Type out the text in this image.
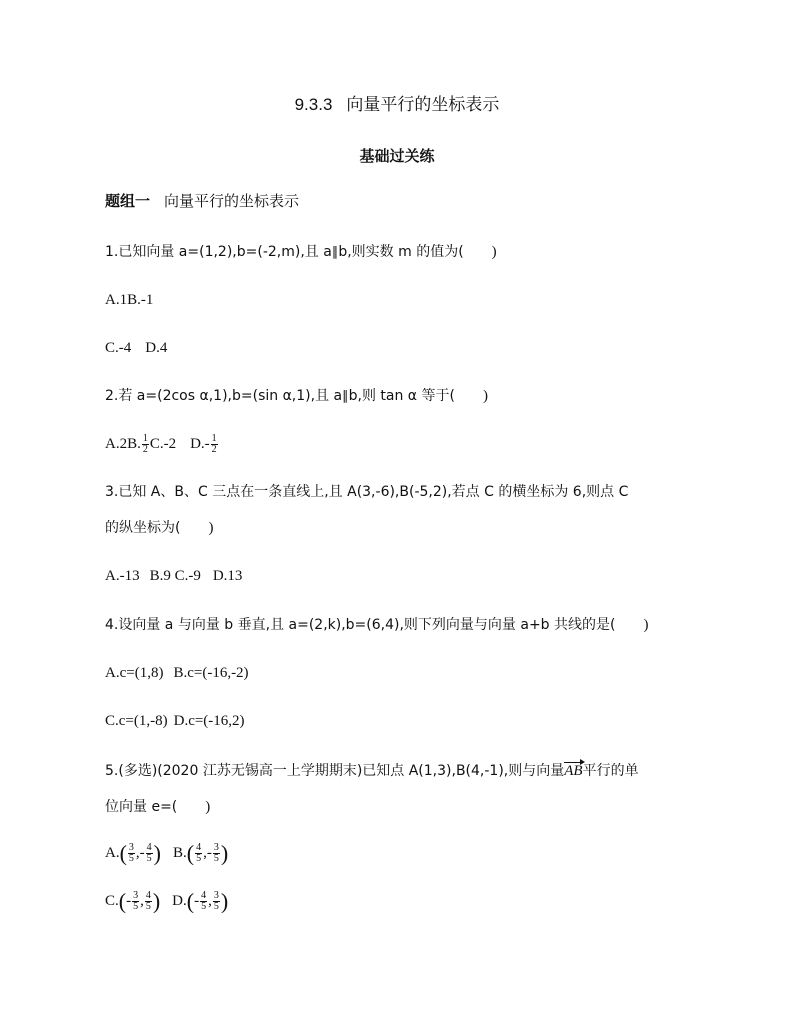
9.3.3 向量平行的坐标表示
基础过关练
题组一 向量平行的坐标表示
1.已知向量 a=(1,2),b=(-2,m),且 a∥b,则实数 m 的值为( )
A.1B.-1
C.-4 D.4
2.若 a=(2cos α,1),b=(sin α,1),且 a∥b,则 tan α 等于( )
A.2B. $\frac{1}{2} C.-2$ $D.- \frac{1}{2}$
3.已知 A、B、C 三点在一条直线上,且 A(3,-6),B(-5,2),若点 C 的横坐标为 6,则点 C
的纵坐标为( )
A.-13 B.9 C.-9 D.13
4.设向量 a 与向量 b 垂直,且 a=(2,k),b=(6,4),则下列向量与向量 a+b 共线的是( )
A.c=(1,8) B.c=(-16,-2)
C.c=(1,-8) D.c=(-16,2)
5.(多选)(2020 江苏无锡高一上学期期末)已知点 A(1,3),B(4,-1),则与向量AB平行的单
位向量 e=( )
$A.( \frac{3}{5}$ ,- $\frac{4}{5}$ ) $B.( \frac{4}{5}$ ,- $\frac{3}{5}$ )
$C.(- \frac{3}{5}$ , $\frac{4}{5}$ ) $D.(- \frac{4}{5}$ , $\frac{3}{5}$ )
